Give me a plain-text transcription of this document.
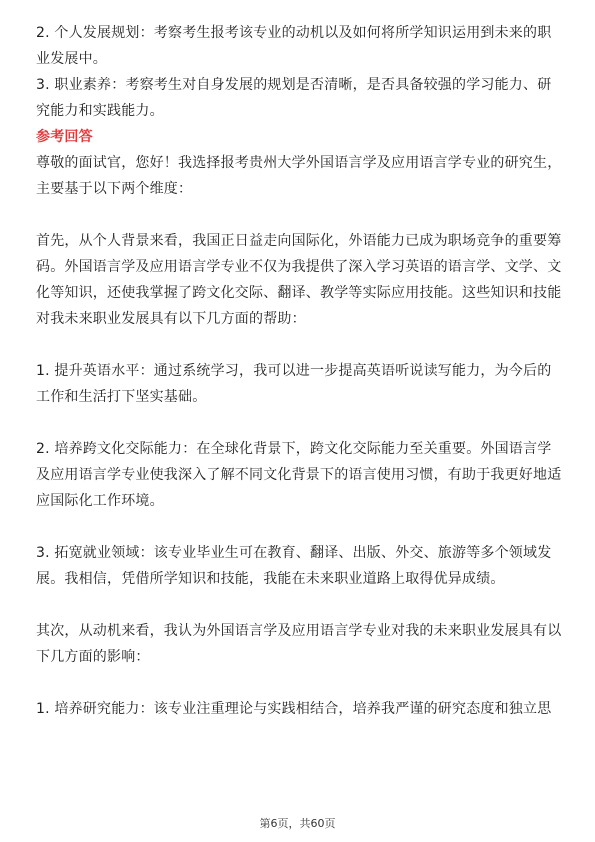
2. 个人发展规划：考察考生报考该专业的动机以及如何将所学知识运用到未来的职业发展中。

3. 职业素养：考察考生对自身发展的规划是否清晰，是否具备较强的学习能力、研究能力和实践能力。

参考回答

尊敬的面试官，您好！我选择报考贵州大学外国语言学及应用语言学专业的研究生，主要基于以下两个维度：

首先，从个人背景来看，我国正日益走向国际化，外语能力已成为职场竞争的重要筹码。外国语言学及应用语言学专业不仅为我提供了深入学习英语的语言学、文学、文化等知识，还使我掌握了跨文化交际、翻译、教学等实际应用技能。这些知识和技能对我未来职业发展具有以下几方面的帮助：

1. 提升英语水平：通过系统学习，我可以进一步提高英语听说读写能力，为今后的工作和生活打下坚实基础。

2. 培养跨文化交际能力：在全球化背景下，跨文化交际能力至关重要。外国语言学及应用语言学专业使我深入了解不同文化背景下的语言使用习惯，有助于我更好地适应国际化工作环境。

3. 拓宽就业领域：该专业毕业生可在教育、翻译、出版、外交、旅游等多个领域发展。我相信，凭借所学知识和技能，我能在未来职业道路上取得优异成绩。

其次，从动机来看，我认为外国语言学及应用语言学专业对我的未来职业发展具有以下几方面的影响：

1. 培养研究能力：该专业注重理论与实践相结合，培养我严谨的研究态度和独立思

第6页，共60页
